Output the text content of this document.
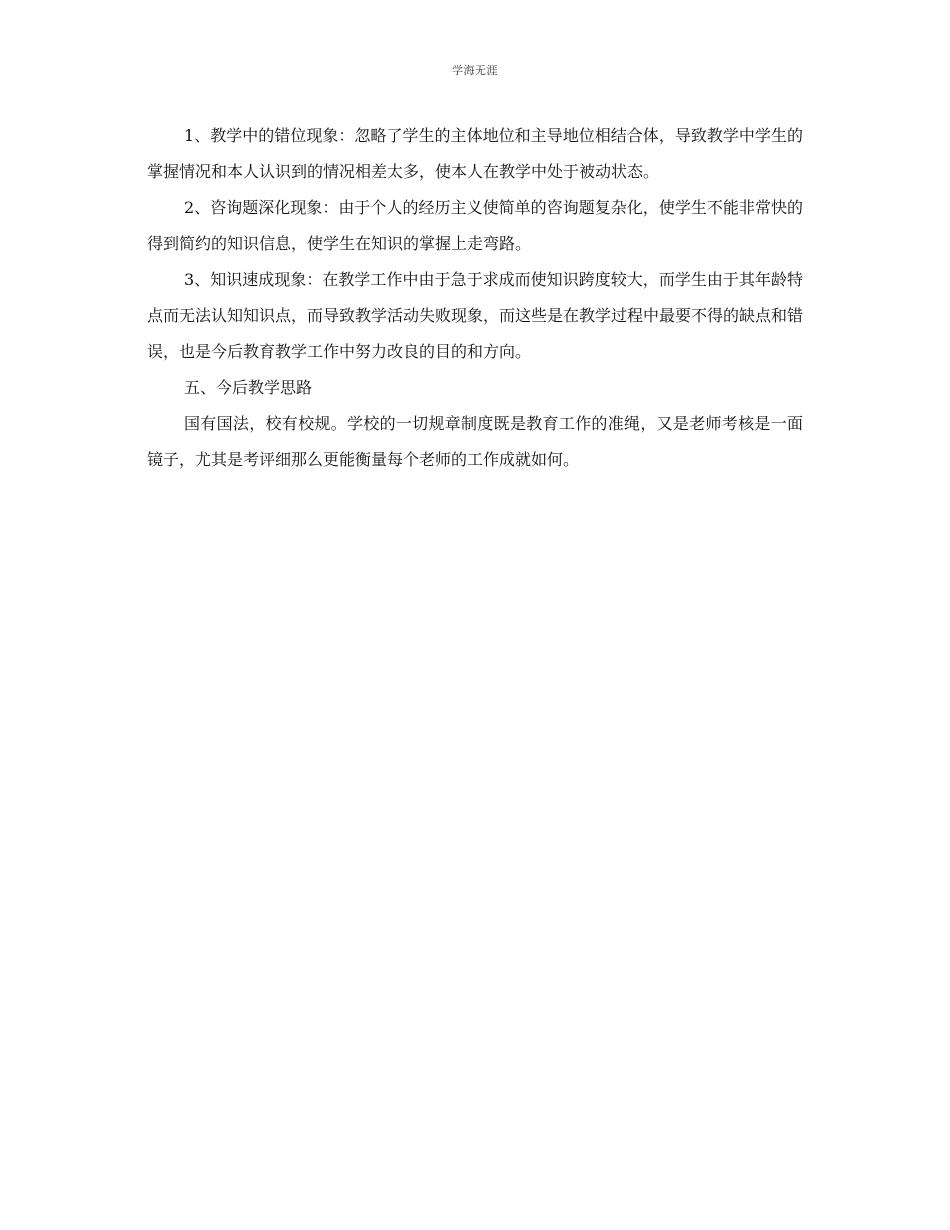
学海无涯

1、教学中的错位现象：忽略了学生的主体地位和主导地位相结合体，导致教学中学生的掌握情况和本人认识到的情况相差太多，使本人在教学中处于被动状态。

2、咨询题深化现象：由于个人的经历主义使简单的咨询题复杂化，使学生不能非常快的得到简约的知识信息，使学生在知识的掌握上走弯路。

3、知识速成现象：在教学工作中由于急于求成而使知识跨度较大，而学生由于其年龄特点而无法认知知识点，而导致教学活动失败现象，而这些是在教学过程中最要不得的缺点和错误，也是今后教育教学工作中努力改良的目的和方向。

五、今后教学思路

国有国法，校有校规。学校的一切规章制度既是教育工作的准绳，又是老师考核是一面镜子，尤其是考评细那么更能衡量每个老师的工作成就如何。
